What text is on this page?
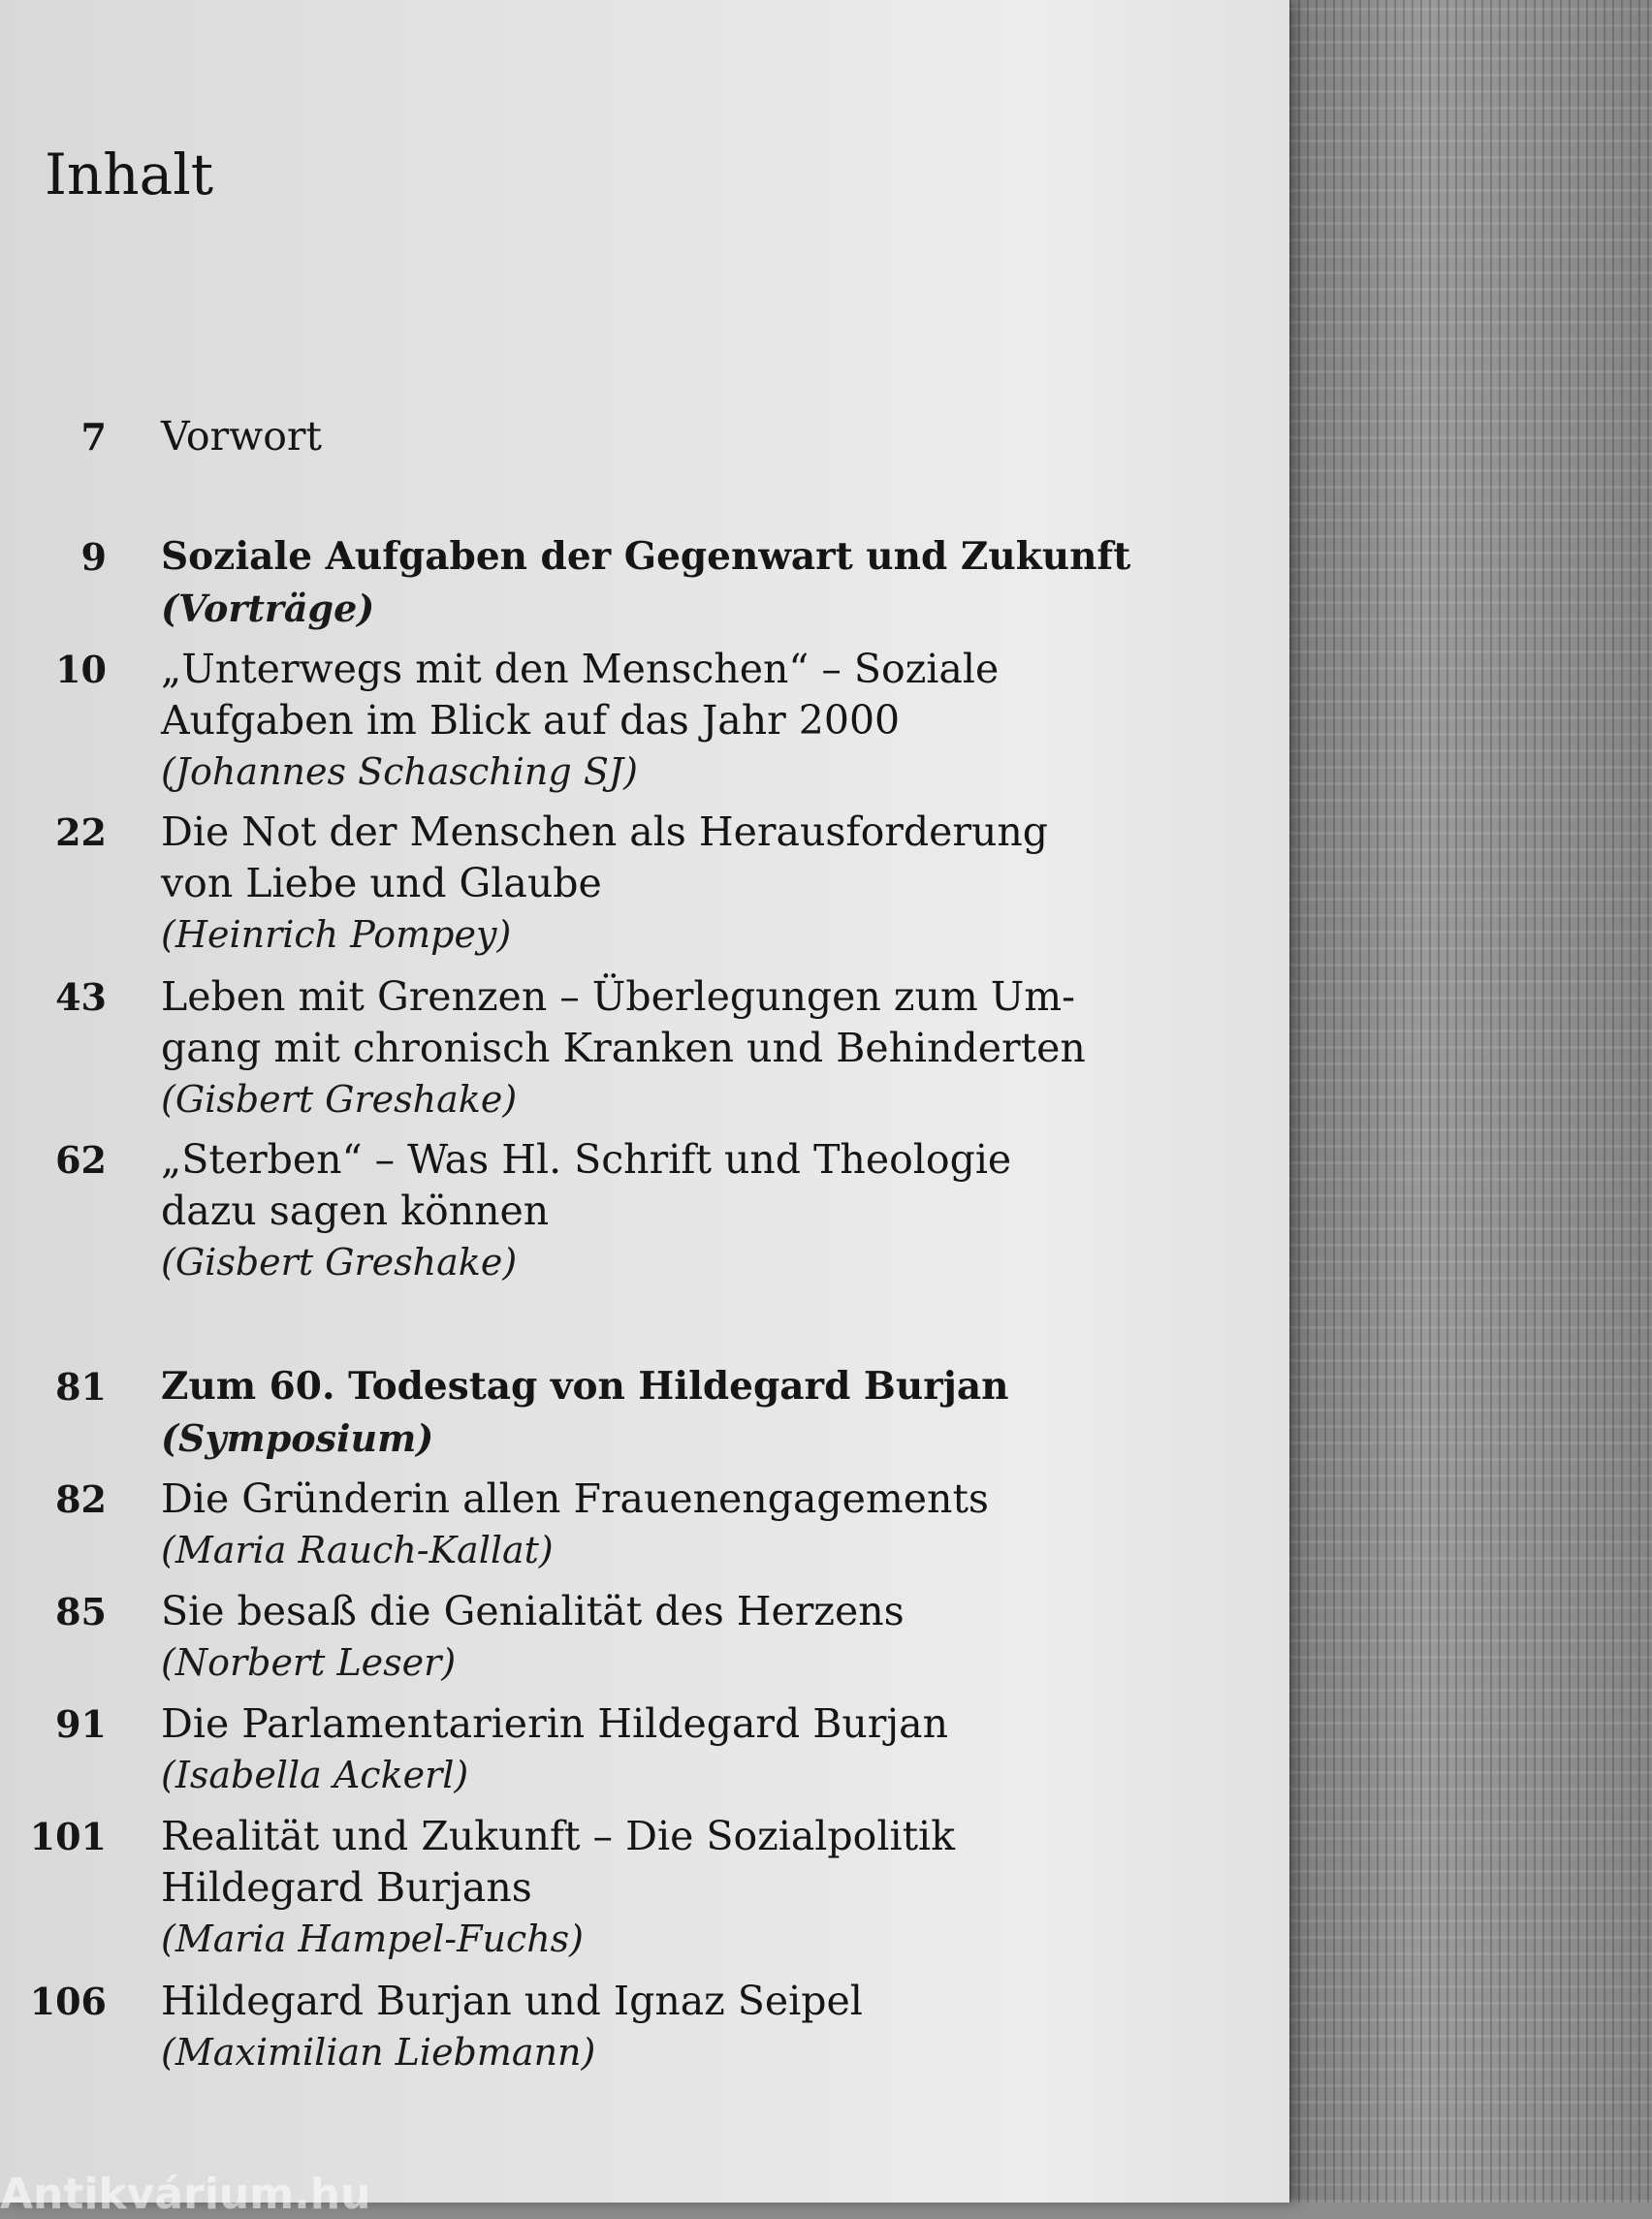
Inhalt
7 Vorwort
9 Soziale Aufgaben der Gegenwart und Zukunft
(Vorträge)
10 „Unterwegs mit den Menschen“ – Soziale
Aufgaben im Blick auf das Jahr 2000
(Johannes Schasching SJ)
22 Die Not der Menschen als Herausforderung
von Liebe und Glaube
(Heinrich Pompey)
43 Leben mit Grenzen – Überlegungen zum Um-
gang mit chronisch Kranken und Behinderten
(Gisbert Greshake)
62 „Sterben“ – Was Hl. Schrift und Theologie
dazu sagen können
(Gisbert Greshake)
81 Zum 60. Todestag von Hildegard Burjan
(Symposium)
82 Die Gründerin allen Frauenengagements
(Maria Rauch-Kallat)
85 Sie besaß die Genialität des Herzens
(Norbert Leser)
91 Die Parlamentarierin Hildegard Burjan
(Isabella Ackerl)
101 Realität und Zukunft – Die Sozialpolitik
Hildegard Burjans
(Maria Hampel-Fuchs)
106 Hildegard Burjan und Ignaz Seipel
(Maximilian Liebmann)
Antikvárium.hu
